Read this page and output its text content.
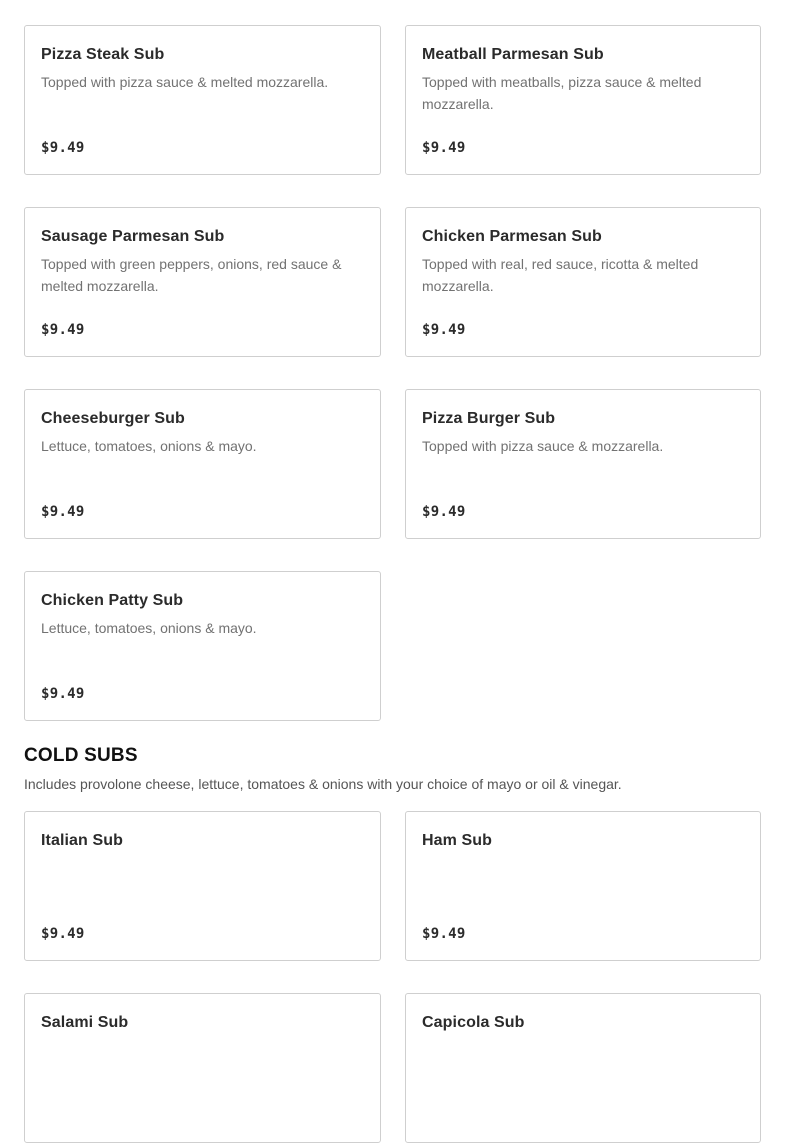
Pizza Steak Sub
Topped with pizza sauce & melted mozzarella.
$9.49
Meatball Parmesan Sub
Topped with meatballs, pizza sauce & melted mozzarella.
$9.49
Sausage Parmesan Sub
Topped with green peppers, onions, red sauce & melted mozzarella.
$9.49
Chicken Parmesan Sub
Topped with real, red sauce, ricotta & melted mozzarella.
$9.49
Cheeseburger Sub
Lettuce, tomatoes, onions & mayo.
$9.49
Pizza Burger Sub
Topped with pizza sauce & mozzarella.
$9.49
Chicken Patty Sub
Lettuce, tomatoes, onions & mayo.
$9.49
COLD SUBS

Includes provolone cheese, lettuce, tomatoes & onions with your choice of mayo or oil & vinegar.

Italian Sub
$9.49
Ham Sub
$9.49
Salami Sub	Capicola Sub
